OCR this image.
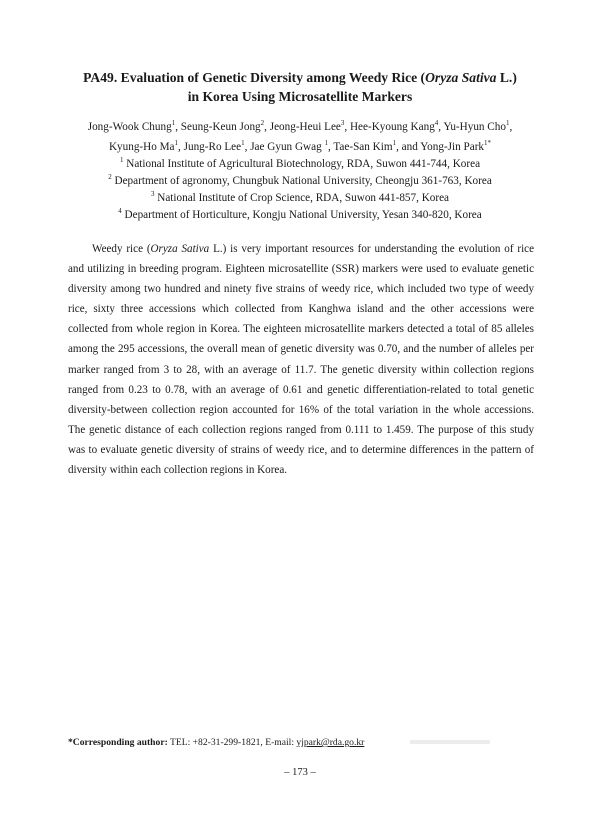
PA49. Evaluation of Genetic Diversity among Weedy Rice (Oryza Sativa L.)
in Korea Using Microsatellite Markers
Jong-Wook Chung$^1$, Seung-Keun Jong$^2$, Jeong-Heui Lee$^3$, Hee-Kyoung Kang$^4$, Yu-Hyun Cho$^1$,
Kyung-Ho Ma$^1$, Jung-Ro Lee$^1$, Jae Gyun Gwag $^1$, Tae-San Kim$^1$, and Yong-Jin Park$^{1*}$
$^1$ National Institute of Agricultural Biotechnology, RDA, Suwon 441-744, Korea
$^2$ Department of agronomy, Chungbuk National University, Cheongju 361-763, Korea
$^3$ National Institute of Crop Science, RDA, Suwon 441-857, Korea
$^4$ Department of Horticulture, Kongju National University, Yesan 340-820, Korea
Weedy rice (Oryza Sativa L.) is very important resources for understanding the evolution of rice and utilizing in breeding program. Eighteen microsatellite (SSR) markers were used to evaluate genetic diversity among two hundred and ninety five strains of weedy rice, which included two type of weedy rice, sixty three accessions which collected from Kanghwa island and the other accessions were collected from whole region in Korea. The eighteen microsatellite markers detected a total of 85 alleles among the 295 accessions, the overall mean of genetic diversity was 0.70, and the number of alleles per marker ranged from 3 to 28, with an average of 11.7. The genetic diversity within collection regions ranged from 0.23 to 0.78, with an average of 0.61 and genetic differentiation-related to total genetic diversity-between collection region accounted for 16% of the total variation in the whole accessions. The genetic distance of each collection regions ranged from 0.111 to 1.459. The purpose of this study was to evaluate genetic diversity of strains of weedy rice, and to determine differences in the pattern of diversity within each collection regions in Korea.
*Corresponding author: TEL: +82-31-299-1821, E-mail: yjpark@rda.go.kr
– 173 –
